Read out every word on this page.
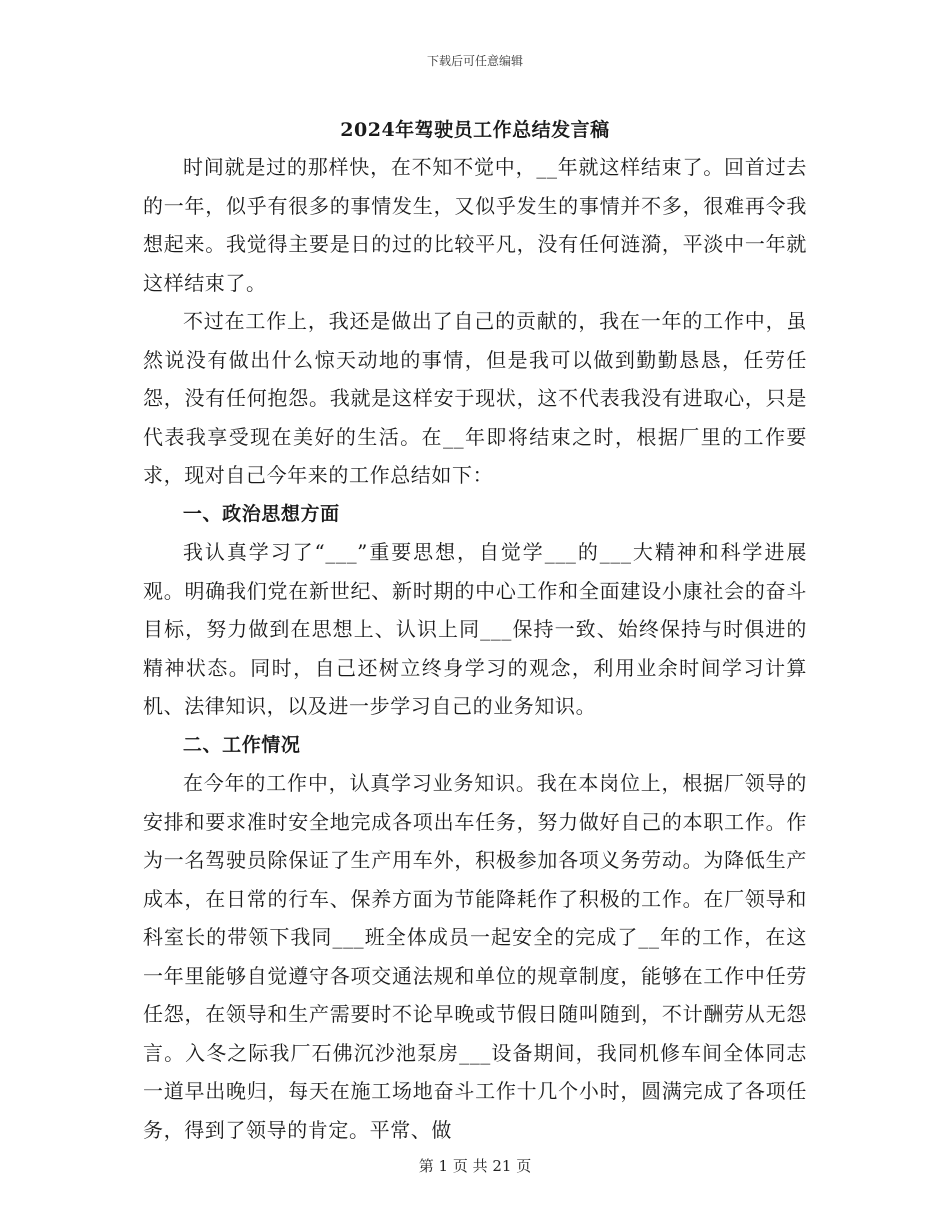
下载后可任意编辑
2024年驾驶员工作总结发言稿

时间就是过的那样快，在不知不觉中，__年就这样结束了。回首过去的一年，似乎有很多的事情发生，又似乎发生的事情并不多，很难再令我想起来。我觉得主要是日的过的比较平凡，没有任何涟漪，平淡中一年就这样结束了。

不过在工作上，我还是做出了自己的贡献的，我在一年的工作中，虽然说没有做出什么惊天动地的事情，但是我可以做到勤勤恳恳，任劳任怨，没有任何抱怨。我就是这样安于现状，这不代表我没有进取心，只是代表我享受现在美好的生活。在__年即将结束之时，根据厂里的工作要求，现对自己今年来的工作总结如下：

一、政治思想方面

我认真学习了“___”重要思想，自觉学___的___大精神和科学进展观。明确我们党在新世纪、新时期的中心工作和全面建设小康社会的奋斗目标，努力做到在思想上、认识上同___保持一致、始终保持与时俱进的精神状态。同时，自己还树立终身学习的观念，利用业余时间学习计算机、法律知识，以及进一步学习自己的业务知识。

二、工作情况

在今年的工作中，认真学习业务知识。我在本岗位上，根据厂领导的安排和要求准时安全地完成各项出车任务，努力做好自己的本职工作。作为一名驾驶员除保证了生产用车外，积极参加各项义务劳动。为降低生产成本，在日常的行车、保养方面为节能降耗作了积极的工作。在厂领导和科室长的带领下我同___班全体成员一起安全的完成了__年的工作，在这一年里能够自觉遵守各项交通法规和单位的规章制度，能够在工作中任劳任怨，在领导和生产需要时不论早晚或节假日随叫随到，不计酬劳从无怨言。入冬之际我厂石佛沉沙池泵房___设备期间，我同机修车间全体同志一道早出晚归，每天在施工场地奋斗工作十几个小时，圆满完成了各项任务，得到了领导的肯定。平常、做

第 1 页 共 21 页
